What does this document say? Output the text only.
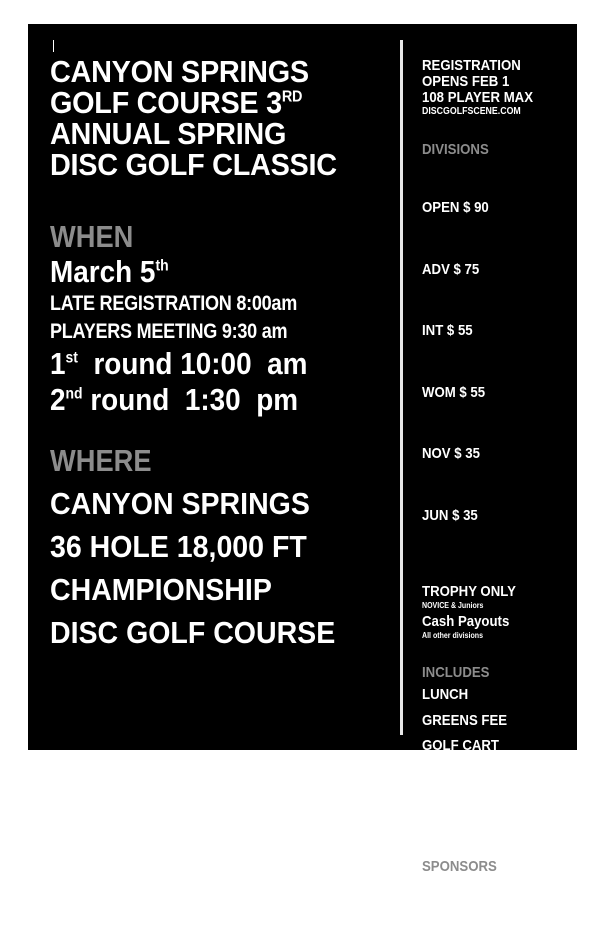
CANYON SPRINGS
GOLF COURSE 3RD
ANNUAL SPRING
DISC GOLF CLASSIC
WHEN
March 5th
LATE REGISTRATION 8:00am
PLAYERS MEETING 9:30 am
1st  round 10:00  am
2nd round  1:30  pm
WHERE
CANYON SPRINGS
36 HOLE 18,000 FT
CHAMPIONSHIP
DISC GOLF COURSE
REGISTRATION
OPENS FEB 1
108 PLAYER MAX
DISCGOLFSCENE.COM
DIVISIONS

OPEN $ 90

ADV $ 75

INT $ 55

WOM $ 55

NOV $ 35

JUN $ 35

TROPHY ONLY
NOVICE & Juniors
Cash Payouts
All other divisions
INCLUDES
LUNCH
GREENS FEE
GOLF CART
30% PAYOUT
Of the field in
upper divisions.
SPONSORS
Canyon Springs
DGDC & SIC
